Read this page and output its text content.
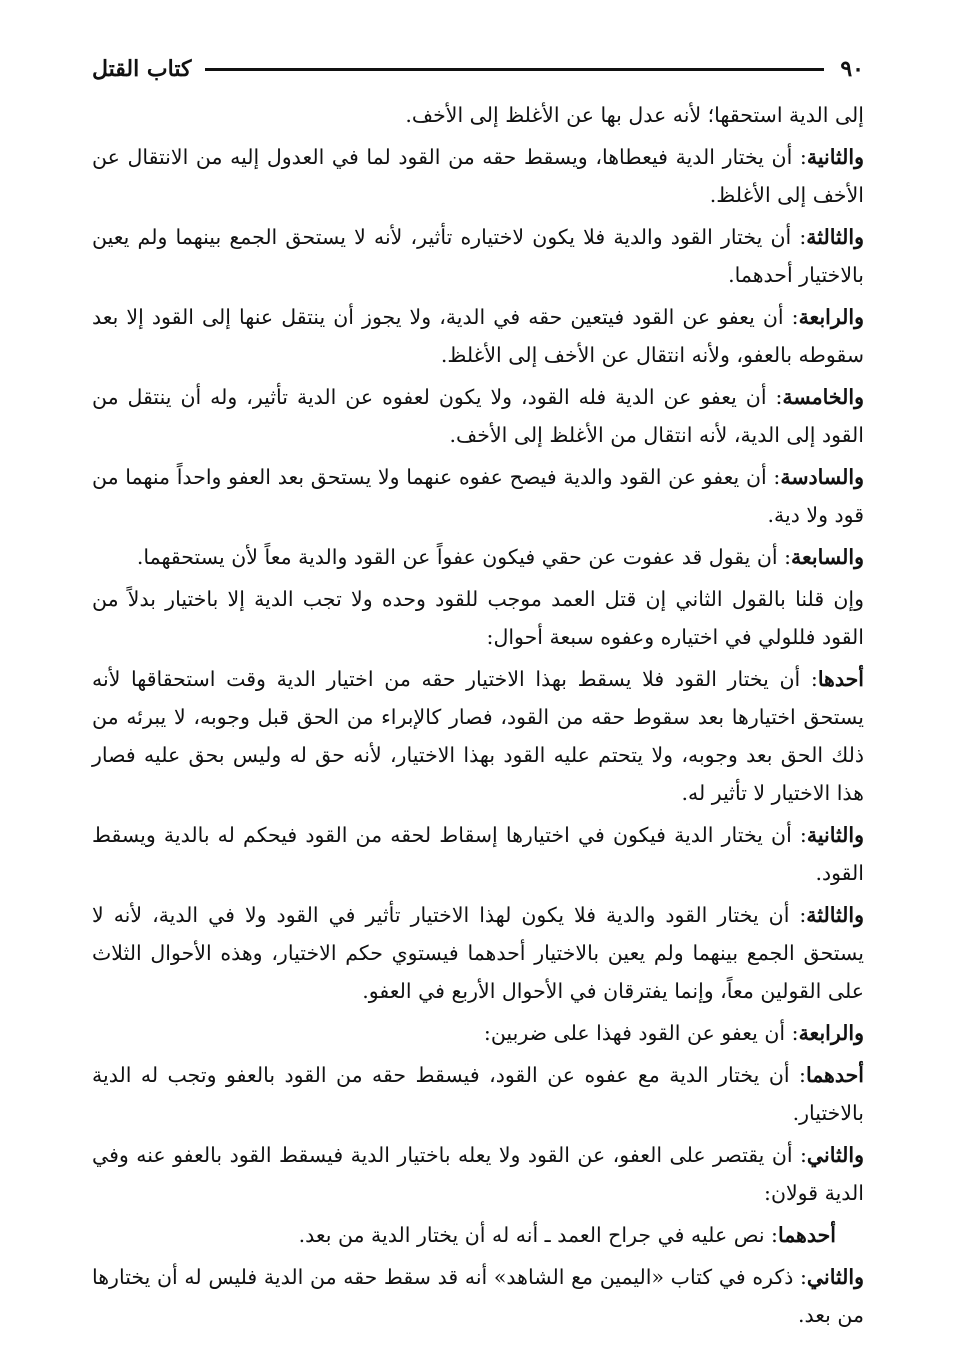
٩٠
كتاب القتل

إلى الدية استحقها؛ لأنه عدل بها عن الأغلظ إلى الأخف.

والثانية: أن يختار الدية فيعطاها، ويسقط حقه من القود لما في العدول إليه من الانتقال عن الأخف إلى الأغلظ.

والثالثة: أن يختار القود والدية فلا يكون لاختياره تأثير، لأنه لا يستحق الجمع بينهما ولم يعين بالاختيار أحدهما.

والرابعة: أن يعفو عن القود فيتعين حقه في الدية، ولا يجوز أن ينتقل عنها إلى القود إلا بعد سقوطه بالعفو، ولأنه انتقال عن الأخف إلى الأغلظ.

والخامسة: أن يعفو عن الدية فله القود، ولا يكون لعفوه عن الدية تأثير، وله أن ينتقل من القود إلى الدية، لأنه انتقال من الأغلظ إلى الأخف.

والسادسة: أن يعفو عن القود والدية فيصح عفوه عنهما ولا يستحق بعد العفو واحداً منهما من قود ولا دية.

والسابعة: أن يقول قد عفوت عن حقي فيكون عفواً عن القود والدية معاً لأن يستحقهما.

وإن قلنا بالقول الثاني إن قتل العمد موجب للقود وحده ولا تجب الدية إلا باختيار بدلاً من القود فللولي في اختياره وعفوه سبعة أحوال:

أحدها: أن يختار القود فلا يسقط بهذا الاختيار حقه من اختيار الدية وقت استحقاقها لأنه يستحق اختيارها بعد سقوط حقه من القود، فصار كالإبراء من الحق قبل وجوبه، لا يبرئه من ذلك الحق بعد وجوبه، ولا يتحتم عليه القود بهذا الاختيار، لأنه حق له وليس بحق عليه فصار هذا الاختيار لا تأثير له.

والثانية: أن يختار الدية فيكون في اختيارها إسقاط لحقه من القود فيحكم له بالدية ويسقط القود.

والثالثة: أن يختار القود والدية فلا يكون لهذا الاختيار تأثير في القود ولا في الدية، لأنه لا يستحق الجمع بينهما ولم يعين بالاختيار أحدهما فيستوي حكم الاختيار، وهذه الأحوال الثلاث على القولين معاً، وإنما يفترقان في الأحوال الأربع في العفو.

والرابعة: أن يعفو عن القود فهذا على ضربين:

أحدهما: أن يختار الدية مع عفوه عن القود، فيسقط حقه من القود بالعفو وتجب له الدية بالاختيار.

والثاني: أن يقتصر على العفو، عن القود ولا يعله باختيار الدية فيسقط القود بالعفو عنه وفي الدية قولان:

أحدهما: نص عليه في جراح العمد ـ أنه له أن يختار الدية من بعد.

والثاني: ذكره في كتاب «اليمين مع الشاهد» أنه قد سقط حقه من الدية فليس له أن يختارها من بعد.
